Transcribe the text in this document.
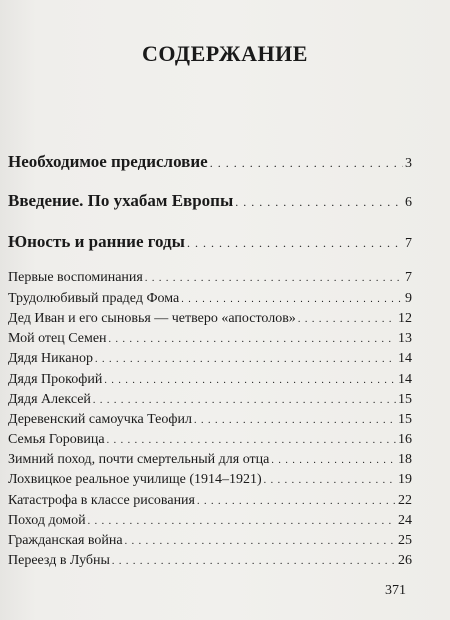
СОДЕРЖАНИЕ
Необходимое предисловие . . .	3
Введение. По ухабам Европы . . .	6
Юность и ранние годы . . .	7
Первые воспоминания . . .	7
Трудолюбивый прадед Фома . . .	9
Дед Иван и его сыновья — четверо «апостолов» . . .	12
Мой отец Семен . . .	13
Дядя Никанор . . .	14
Дядя Прокофий . . .	14
Дядя Алексей . . .	15
Деревенский самоучка Теофил . . .	15
Семья Горовица . . .	16
Зимний поход, почти смертельный для отца . . .	18
Лохвицкое реальное училище (1914–1921) . . .	19
Катастрофа в классе рисования . . .	22
Поход домой . . .	24
Гражданская война . . .	25
Переезд в Лубны . . .	26
371
